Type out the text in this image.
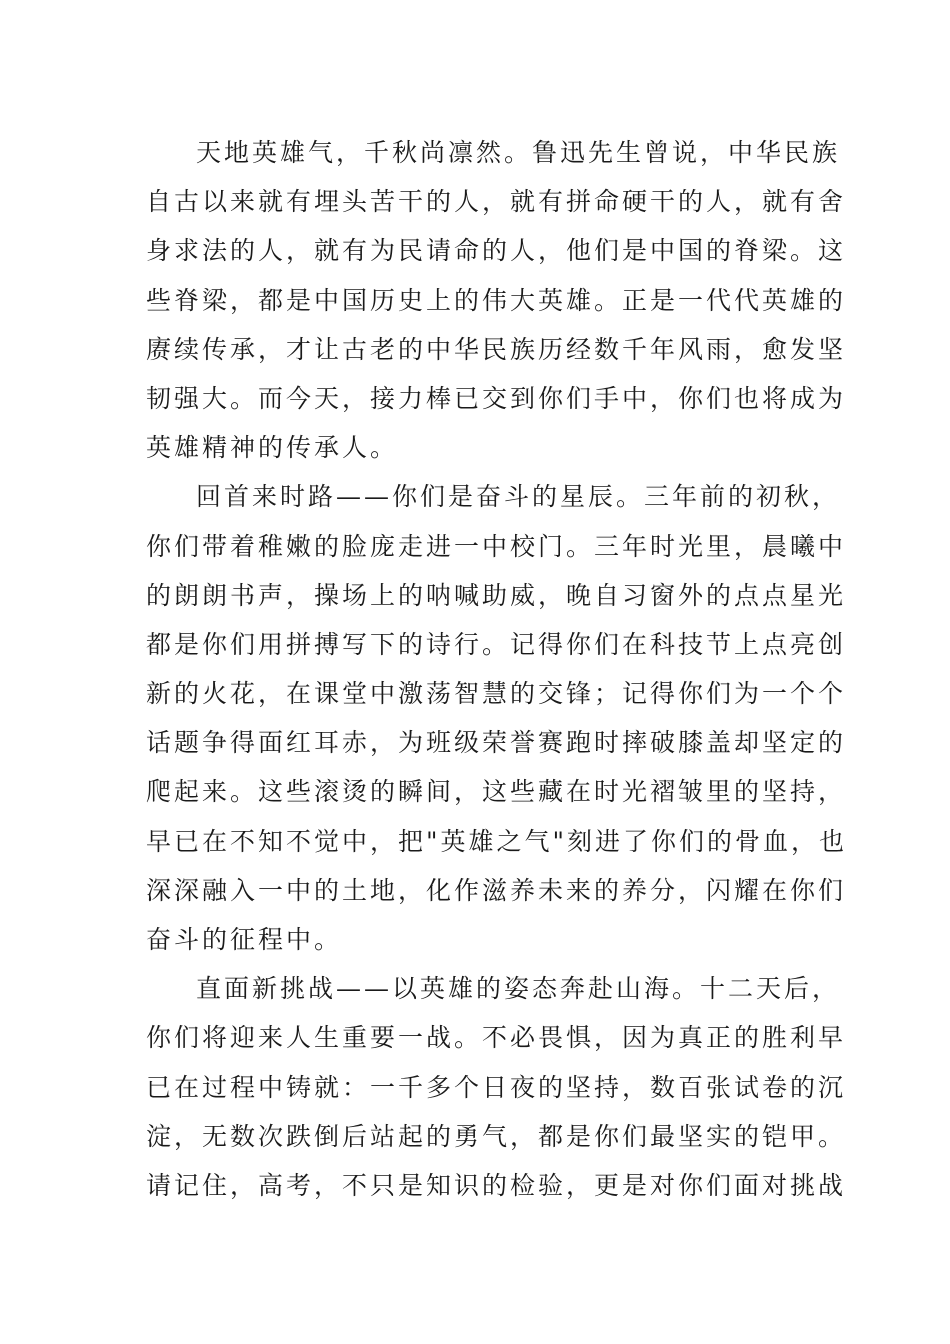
天地英雄气，千秋尚凛然。鲁迅先生曾说，中华民族
自古以来就有埋头苦干的人，就有拼命硬干的人，就有舍
身求法的人，就有为民请命的人，他们是中国的脊梁。这
些脊梁，都是中国历史上的伟大英雄。正是一代代英雄的
赓续传承，才让古老的中华民族历经数千年风雨，愈发坚
韧强大。而今天，接力棒已交到你们手中，你们也将成为
英雄精神的传承人。
回首来时路——你们是奋斗的星辰。三年前的初秋，
你们带着稚嫩的脸庞走进一中校门。三年时光里，晨曦中
的朗朗书声，操场上的呐喊助威，晚自习窗外的点点星光
都是你们用拼搏写下的诗行。记得你们在科技节上点亮创
新的火花，在课堂中激荡智慧的交锋；记得你们为一个个
话题争得面红耳赤，为班级荣誉赛跑时摔破膝盖却坚定的
爬起来。这些滚烫的瞬间，这些藏在时光褶皱里的坚持，
早已在不知不觉中，把"英雄之气"刻进了你们的骨血，也
深深融入一中的土地，化作滋养未来的养分，闪耀在你们
奋斗的征程中。
直面新挑战——以英雄的姿态奔赴山海。十二天后，
你们将迎来人生重要一战。不必畏惧，因为真正的胜利早
已在过程中铸就：一千多个日夜的坚持，数百张试卷的沉
淀，无数次跌倒后站起的勇气，都是你们最坚实的铠甲。
请记住，高考，不只是知识的检验，更是对你们面对挑战
